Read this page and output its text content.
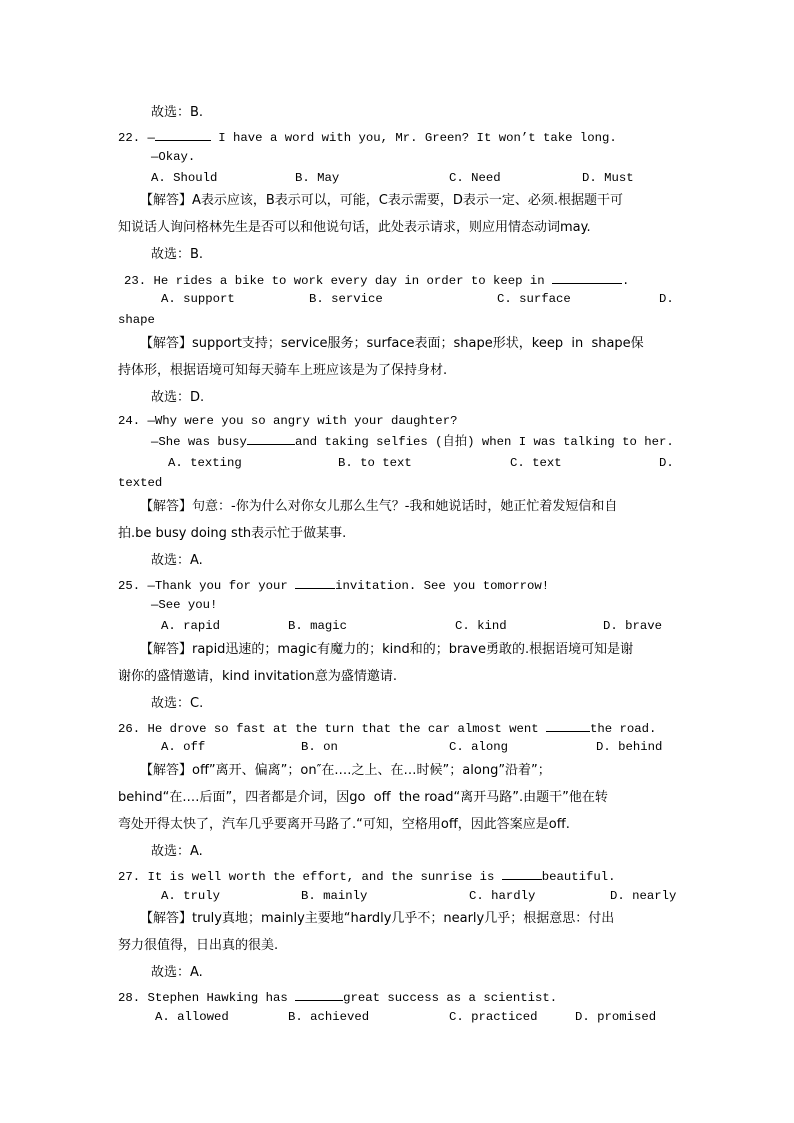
故选：B.
22. —	I have a word with you, Mr. Green? It won’t take long.
—Okay.
A. Should	B. May	C. Need	D. Must
【解答】A表示应该，B表示可以，可能，C表示需要，D表示一定、必须.根据题干可
知说话人询问格林先生是否可以和他说句话，此处表示请求，则应用情态动词may.
故选：B.
23. He rides a bike to work every day in order to keep in	.
A. support	B. service	C. surface	D.
shape
【解答】support支持；service服务；surface表面；shape形状，keep  in  shape保
持体形，根据语境可知每天骑车上班应该是为了保持身材.
故选：D.
24. —Why were you so angry with your daughter?
—She was busy	and taking selfies (自拍) when I was talking to her.
A. texting	B. to text	C. text	D.
texted
【解答】句意：-你为什么对你女儿那么生气？-我和她说话时，她正忙着发短信和自
拍.be busy doing sth表示忙于做某事.
故选：A.
25. —Thank you for your	invitation. See you tomorrow!
—See you!
A. rapid	B. magic	C. kind	D. brave
【解答】rapid迅速的；magic有魔力的；kind和的；brave勇敢的.根据语境可知是谢
谢你的盛情邀请，kind invitation意为盛情邀请.
故选：C.
26. He drove so fast at the turn that the car almost went	the road.
A. off	B. on	C. along	D. behind
【解答】off”离开、偏离”；on″在.…之上、在…时候”；along”沿着”；
behind“在.…后面”，四者都是介词，因go  off  the road“离开马路”.由题干”他在转
弯处开得太快了，汽车几乎要离开马路了.“可知，空格用off，因此答案应是off.
故选：A.
27. It is well worth the effort, and the sunrise is	beautiful.
A. truly	B. mainly	C. hardly	D. nearly
【解答】truly真地；mainly主要地“hardly几乎不；nearly几乎；根据意思：付出
努力很值得，日出真的很美.
故选：A.
28. Stephen Hawking has	great success as a scientist.
A. allowed	B. achieved	C. practiced	D. promised
